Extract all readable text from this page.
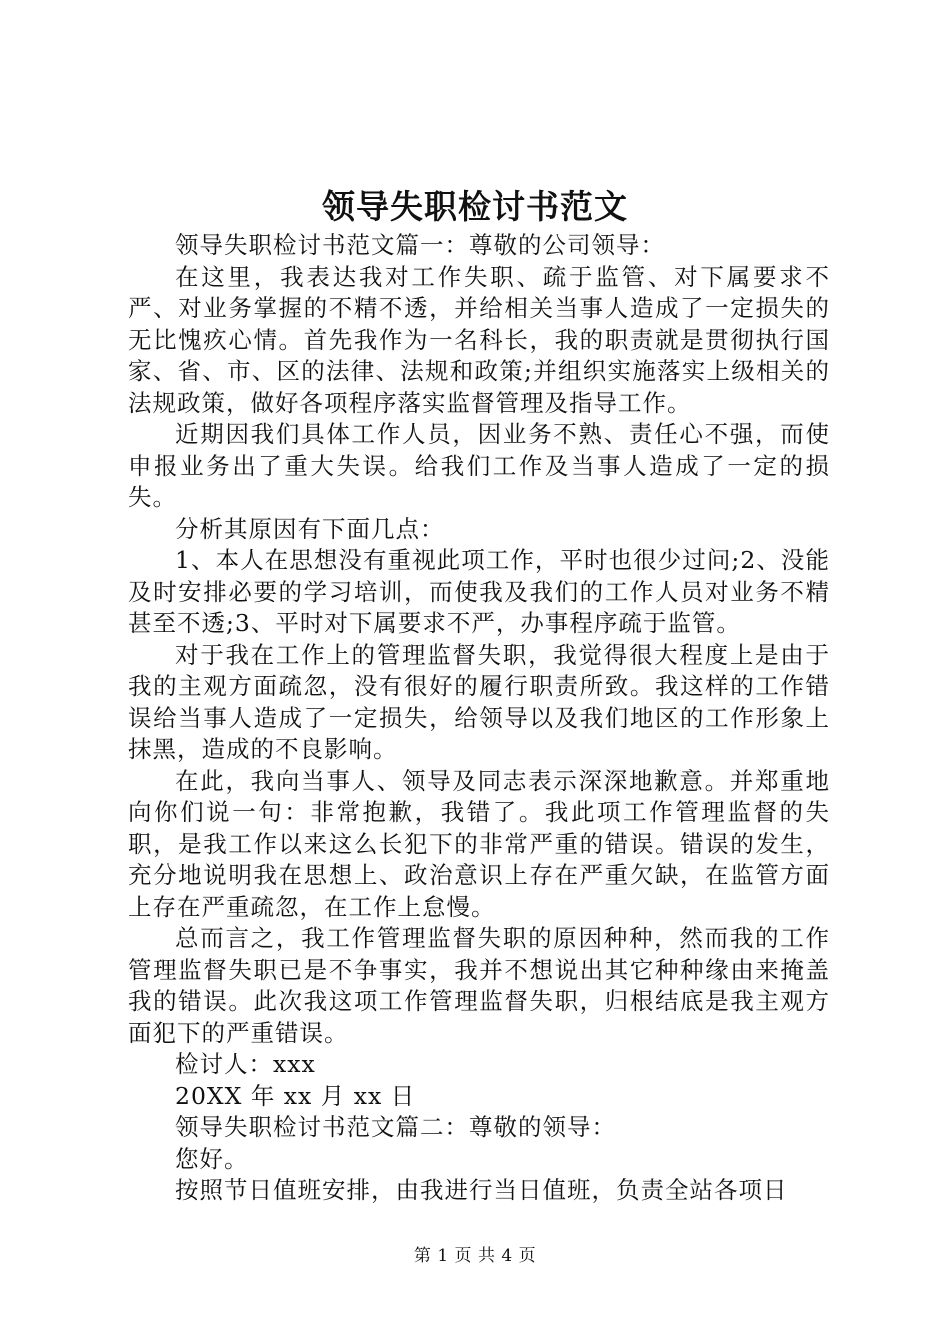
领导失职检讨书范文

领导失职检讨书范文篇一：尊敬的公司领导：

在这里，我表达我对工作失职、疏于监管、对下属要求不严、对业务掌握的不精不透，并给相关当事人造成了一定损失的无比愧疚心情。首先我作为一名科长，我的职责就是贯彻执行国家、省、市、区的法律、法规和政策;并组织实施落实上级相关的法规政策，做好各项程序落实监督管理及指导工作。

近期因我们具体工作人员，因业务不熟、责任心不强，而使申报业务出了重大失误。给我们工作及当事人造成了一定的损失。

分析其原因有下面几点：

1、本人在思想没有重视此项工作，平时也很少过问;2、没能及时安排必要的学习培训，而使我及我们的工作人员对业务不精甚至不透;3、平时对下属要求不严，办事程序疏于监管。

对于我在工作上的管理监督失职，我觉得很大程度上是由于我的主观方面疏忽，没有很好的履行职责所致。我这样的工作错误给当事人造成了一定损失，给领导以及我们地区的工作形象上抹黑，造成的不良影响。

在此，我向当事人、领导及同志表示深深地歉意。并郑重地向你们说一句：非常抱歉，我错了。我此项工作管理监督的失职，是我工作以来这么长犯下的非常严重的错误。错误的发生，充分地说明我在思想上、政治意识上存在严重欠缺，在监管方面上存在严重疏忽，在工作上怠慢。

总而言之，我工作管理监督失职的原因种种，然而我的工作管理监督失职已是不争事实，我并不想说出其它种种缘由来掩盖我的错误。此次我这项工作管理监督失职，归根结底是我主观方面犯下的严重错误。

检讨人：xxx

20XX 年 xx 月 xx 日

领导失职检讨书范文篇二：尊敬的领导：

您好。

按照节日值班安排，由我进行当日值班，负责全站各项日

第 1 页 共 4 页
